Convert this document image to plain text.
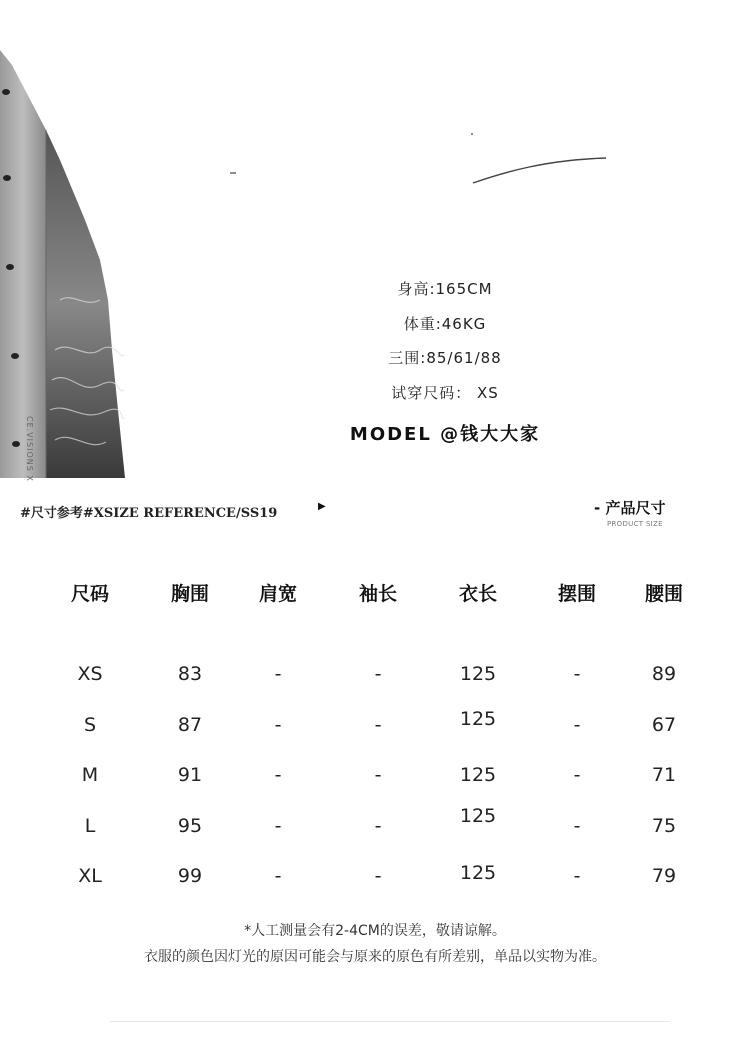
CE.VISIONS X
身高:165CM
体重:46KG
三围:85/61/88
试穿尺码： XS
MODEL @钱大大家
#尺寸参考#ⅩSIZE REFERENCE/SS19	▶	- 产品尺寸
PRODUCT SIZE
尺码	胸围	肩宽	袖长	衣长	摆围	腰围
XS	83	-	-	125	-	89
S	87	-	-	125	-	67
M	91	-	-	125	-	71
L	95	-	-	125	-	75
XL	99	-	-	125	-	79
*人工测量会有2-4CM的误差，敬请谅解。
衣服的颜色因灯光的原因可能会与原来的原色有所差别，单品以实物为准。
